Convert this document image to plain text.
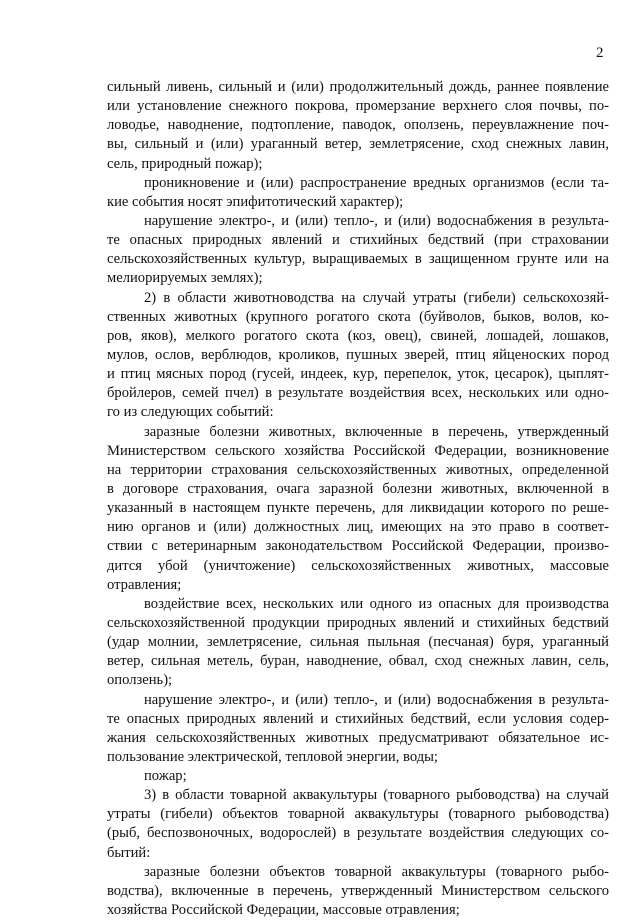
2
сильный ливень, сильный и (или) продолжительный дождь, раннее появление
или установление снежного покрова, промерзание верхнего слоя почвы, по-
ловодье, наводнение, подтопление, паводок, оползень, переувлажнение поч-
вы, сильный и (или) ураганный ветер, землетрясение, сход снежных лавин,
сель, природный пожар);
проникновение и (или) распространение вредных организмов (если та-
кие события носят эпифитотический характер);
нарушение электро-, и (или) тепло-, и (или) водоснабжения в результа-
те опасных природных явлений и стихийных бедствий (при страховании
сельскохозяйственных культур, выращиваемых в защищенном грунте или на
мелиорируемых землях);
2) в области животноводства на случай утраты (гибели) сельскохозяй-
ственных животных (крупного рогатого скота (буйволов, быков, волов, ко-
ров, яков), мелкого рогатого скота (коз, овец), свиней, лошадей, лошаков,
мулов, ослов, верблюдов, кроликов, пушных зверей, птиц яйценоских пород
и птиц мясных пород (гусей, индеек, кур, перепелок, уток, цесарок), цыплят-
бройлеров, семей пчел) в результате воздействия всех, нескольких или одно-
го из следующих событий:
заразные болезни животных, включенные в перечень, утвержденный
Министерством сельского хозяйства Российской Федерации, возникновение
на территории страхования сельскохозяйственных животных, определенной
в договоре страхования, очага заразной болезни животных, включенной в
указанный в настоящем пункте перечень, для ликвидации которого по реше-
нию органов и (или) должностных лиц, имеющих на это право в соответ-
ствии с ветеринарным законодательством Российской Федерации, произво-
дится убой (уничтожение) сельскохозяйственных животных, массовые
отравления;
воздействие всех, нескольких или одного из опасных для производства
сельскохозяйственной продукции природных явлений и стихийных бедствий
(удар молнии, землетрясение, сильная пыльная (песчаная) буря, ураганный
ветер, сильная метель, буран, наводнение, обвал, сход снежных лавин, сель,
оползень);
нарушение электро-, и (или) тепло-, и (или) водоснабжения в результа-
те опасных природных явлений и стихийных бедствий, если условия содер-
жания сельскохозяйственных животных предусматривают обязательное ис-
пользование электрической, тепловой энергии, воды;
пожар;
3) в области товарной аквакультуры (товарного рыбоводства) на случай
утраты (гибели) объектов товарной аквакультуры (товарного рыбоводства)
(рыб, беспозвоночных, водорослей) в результате воздействия следующих со-
бытий:
заразные болезни объектов товарной аквакультуры (товарного рыбо-
водства), включенные в перечень, утвержденный Министерством сельского
хозяйства Российской Федерации, массовые отравления;
